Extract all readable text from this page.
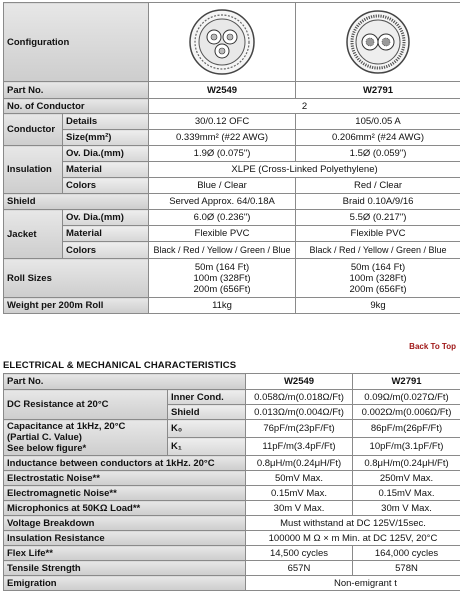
Configuration	

Part No.		W2549	W2791
No. of Conductor		2	
Conductor	Details	30/0.12 OFC	105/0.05 A
	Size(mm²)	0.339mm² (#22 AWG)	0.206mm² (#24 AWG)
Insulation	Ov. Dia.(mm)	1.9Ø (0.075")	1.5Ø (0.059")
	Material	XLPE (Cross-Linked Polyethylene)	
	Colors	Blue / Clear	Red / Clear
Shield		Served Approx. 64/0.18A	Braid 0.10A/9/16
Jacket	Ov. Dia.(mm)	6.0Ø (0.236")	5.5Ø (0.217")
	Material	Flexible PVC	Flexible PVC
	Colors	Black / Red / Yellow / Green / Blue	Black / Red / Yellow / Green / Blue
Roll Sizes		50m (164 Ft)
100m (328Ft)
200m (656Ft)	50m (164 Ft)
100m (328Ft)
200m (656Ft)

Weight per 200m Roll		11kg	9kg
Back To Top
ELECTRICAL & MECHANICAL CHARACTERISTICS
Part No.		W2549	W2791
DC Resistance at 20°C	Inner Cond.	0.058Ω/m(0.018Ω/Ft)	0.09Ω/m(0.027Ω/Ft)
	Shield	0.013Ω/m(0.004Ω/Ft)	0.002Ω/m(0.006Ω/Ft)

Capacitance at 1kHz, 20°C
(Partial C. Value)
See below figure*	K₀	76pF/m(23pF/Ft)	86pF/m(26pF/Ft)
	K₁	11pF/m(3.4pF/Ft)	10pF/m(3.1pF/Ft)
Inductance between conductors at 1kHz. 20°C		0.8μH/m(0.24μH/Ft)	0.8μH/m(0.24μH/Ft)
Electrostatic Noise**		50mV Max.	250mV Max.
Electromagnetic Noise**		0.15mV Max.	0.15mV Max.
Microphonics at 50KΩ Load**		30m V Max.	30m V Max.
Voltage Breakdown		Must withstand at DC 125V/15sec.	
Insulation Resistance		100000 M Ω × m Min. at DC 125V, 20°C	
Flex Life**		14,500 cycles	164,000 cycles
Tensile Strength		657N	578N
Emigration		Non-emigrant t	
